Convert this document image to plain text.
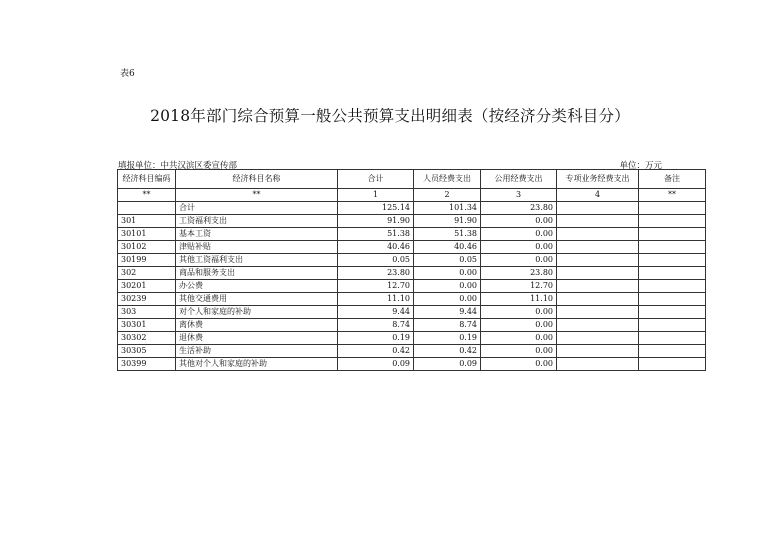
表6
2018年部门综合预算一般公共预算支出明细表（按经济分类科目分）
填报单位：中共汉滨区委宣传部	单位：万元
经济科目编码	经济科目名称	合计	人员经费支出	公用经费支出	专项业务经费支出	备注
**	**	1	2	3	4	**
	合计	125.14	101.34	23.80		
301	工资福利支出	91.90	91.90	0.00		
30101	基本工资	51.38	51.38	0.00		
30102	津贴补贴	40.46	40.46	0.00		
30199	其他工资福利支出	0.05	0.05	0.00		
302	商品和服务支出	23.80	0.00	23.80		
30201	办公费	12.70	0.00	12.70		
30239	其他交通费用	11.10	0.00	11.10		
303	对个人和家庭的补助	9.44	9.44	0.00		
30301	离休费	8.74	8.74	0.00		
30302	退休费	0.19	0.19	0.00		
30305	生活补助	0.42	0.42	0.00		
30399	其他对个人和家庭的补助	0.09	0.09	0.00		
